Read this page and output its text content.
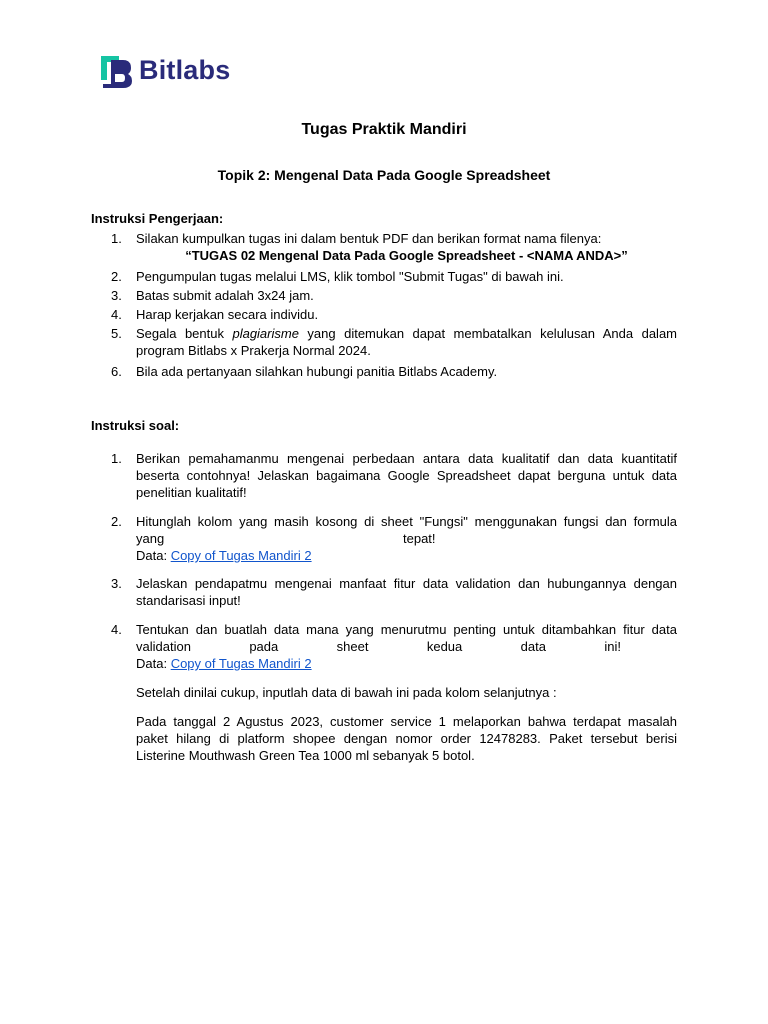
Bitlabs
Tugas Praktik Mandiri
Topik 2: Mengenal Data Pada Google Spreadsheet
Instruksi Pengerjaan:
1. Silakan kumpulkan tugas ini dalam bentuk PDF dan berikan format nama filenya:
“TUGAS 02 Mengenal Data Pada Google Spreadsheet - <NAMA ANDA>”
2. Pengumpulan tugas melalui LMS, klik tombol "Submit Tugas" di bawah ini.
3. Batas submit adalah 3x24 jam.
4. Harap kerjakan secara individu.
5. Segala bentuk plagiarisme yang ditemukan dapat membatalkan kelulusan Anda dalam
program Bitlabs x Prakerja Normal 2024.
6. Bila ada pertanyaan silahkan hubungi panitia Bitlabs Academy.
Instruksi soal:
1. Berikan pemahamanmu mengenai perbedaan antara data kualitatif dan data kuantitatif
beserta contohnya! Jelaskan bagaimana Google Spreadsheet dapat berguna untuk data
penelitian kualitatif!
2. Hitunglah kolom yang masih kosong di sheet "Fungsi" menggunakan fungsi dan formula
yang	tepat!
Data: Copy of Tugas Mandiri 2
3. Jelaskan pendapatmu mengenai manfaat fitur data validation dan hubungannya dengan
standarisasi input!
4. Tentukan dan buatlah data mana yang menurutmu penting untuk ditambahkan fitur data
validation	pada	sheet	kedua	data	ini!
Data: Copy of Tugas Mandiri 2
Setelah dinilai cukup, inputlah data di bawah ini pada kolom selanjutnya :
Pada tanggal 2 Agustus 2023, customer service 1 melaporkan bahwa terdapat masalah
paket hilang di platform shopee dengan nomor order 12478283. Paket tersebut berisi
Listerine Mouthwash Green Tea 1000 ml sebanyak 5 botol.
